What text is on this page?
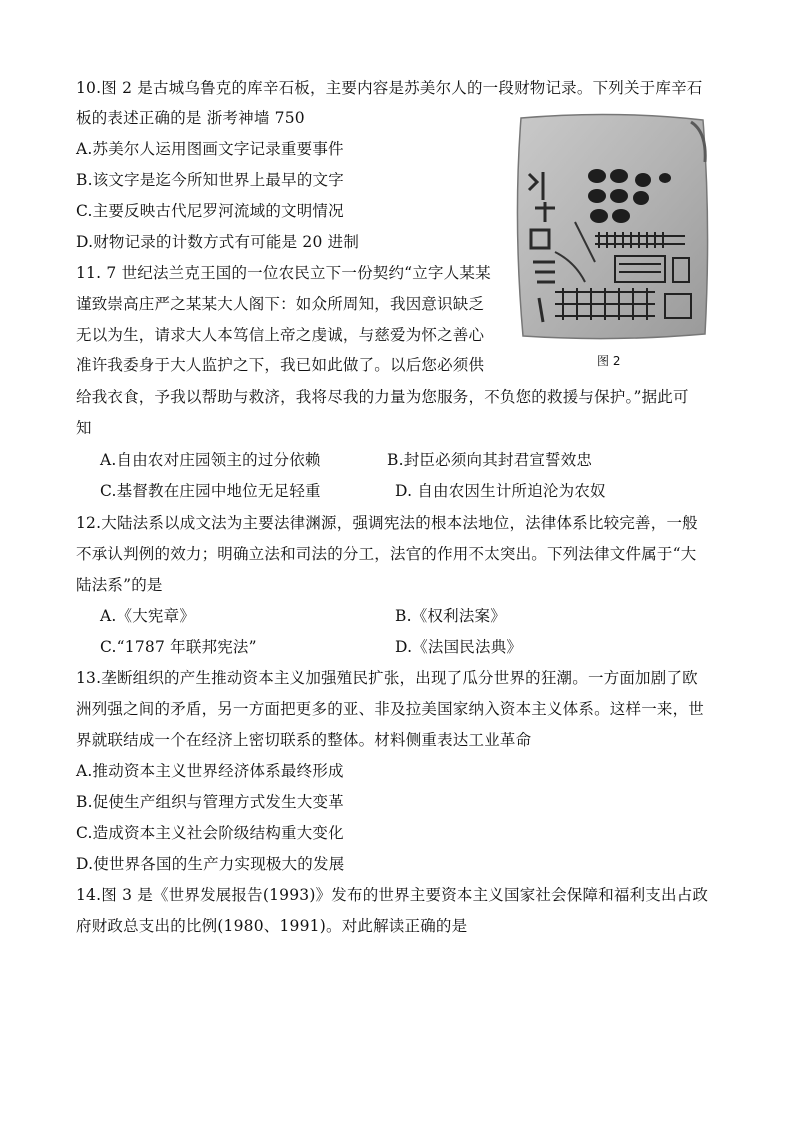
10.图 2 是古城乌鲁克的库辛石板，主要内容是苏美尔人的一段财物记录。下列关于库辛石
板的表述正确的是 浙考神墙 750
A.苏美尔人运用图画文字记录重要事件
B.该文字是迄今所知世界上最早的文字
C.主要反映古代尼罗河流域的文明情况
D.财物记录的计数方式有可能是 20 进制
图 2
11. 7 世纪法兰克王国的一位农民立下一份契约“立字人某某
谨致崇高庄严之某某大人阁下：如众所周知，我因意识缺乏
无以为生，请求大人本笃信上帝之虔诚，与慈爱为怀之善心
准许我委身于大人监护之下，我已如此做了。以后您必须供
给我衣食，予我以帮助与救济，我将尽我的力量为您服务，不负您的救援与保护。”据此可
知
A.自由农对庄园领主的过分依赖	B.封臣必须向其封君宣誓效忠
C.基督教在庄园中地位无足轻重	D. 自由农因生计所迫沦为农奴
12.大陆法系以成文法为主要法律渊源，强调宪法的根本法地位，法律体系比较完善，一般
不承认判例的效力；明确立法和司法的分工，法官的作用不太突出。下列法律文件属于“大
陆法系”的是
A.《大宪章》	B.《权利法案》
C.“1787 年联邦宪法”	D.《法国民法典》
13.垄断组织的产生推动资本主义加强殖民扩张，出现了瓜分世界的狂潮。一方面加剧了欧
洲列强之间的矛盾，另一方面把更多的亚、非及拉美国家纳入资本主义体系。这样一来，世
界就联结成一个在经济上密切联系的整体。材料侧重表达工业革命
A.推动资本主义世界经济体系最终形成
B.促使生产组织与管理方式发生大变革
C.造成资本主义社会阶级结构重大变化
D.使世界各国的生产力实现极大的发展
14.图 3 是《世界发展报告(1993)》发布的世界主要资本主义国家社会保障和福利支出占政
府财政总支出的比例(1980、1991)。对此解读正确的是
